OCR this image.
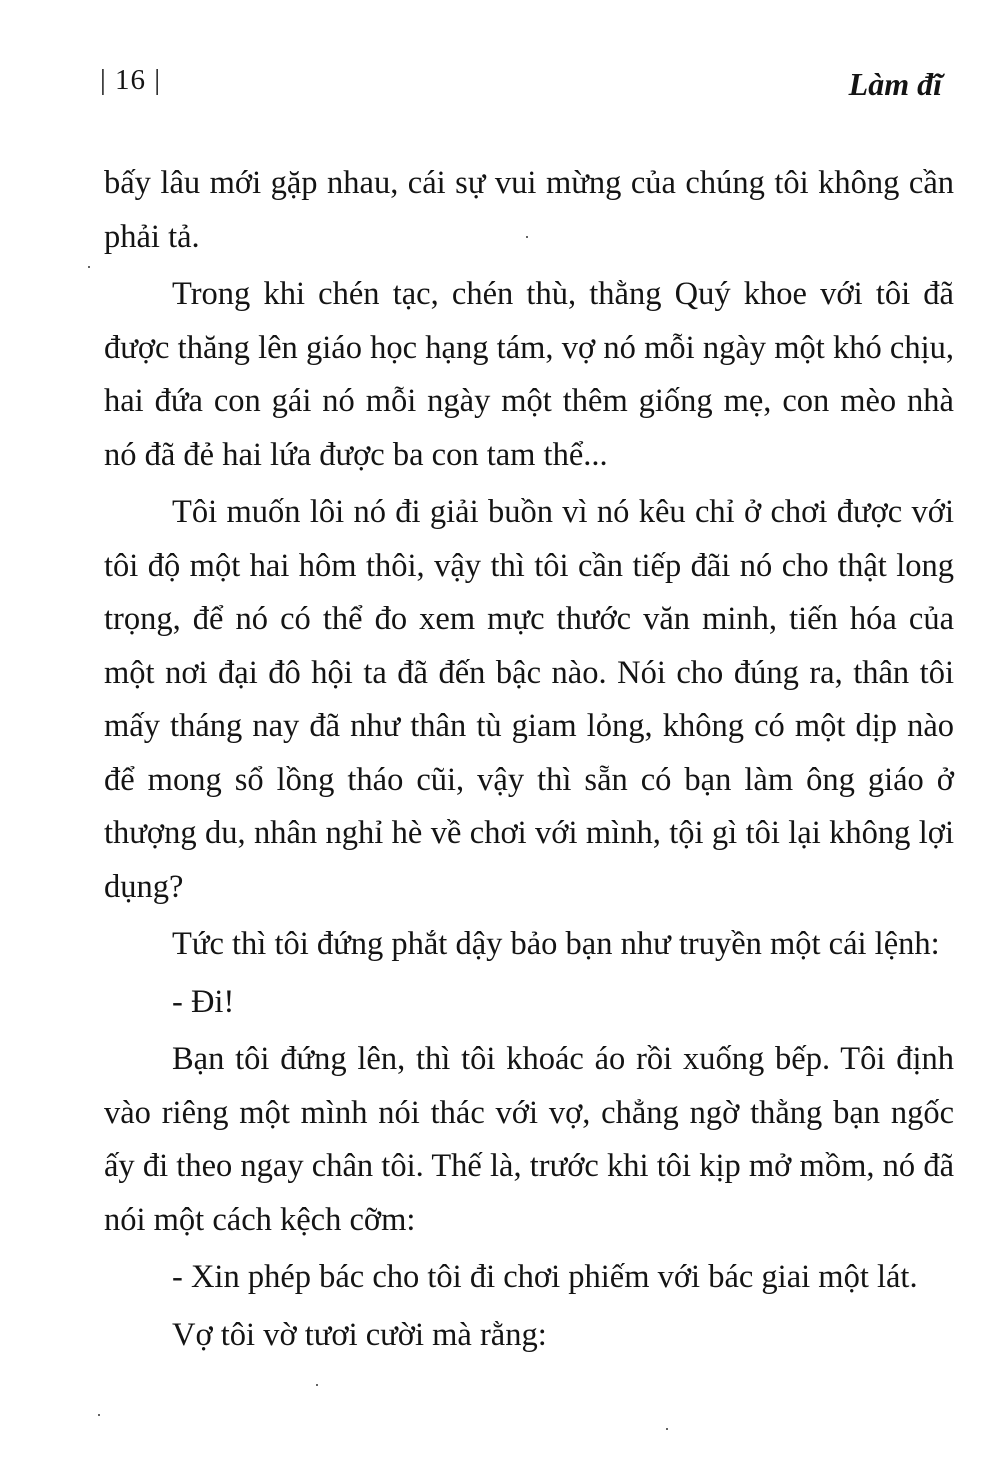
| 16 |	Làm đĩ

bấy lâu mới gặp nhau, cái sự vui mừng của chúng tôi không cần phải tả.

Trong khi chén tạc, chén thù, thằng Quý khoe với tôi đã được thăng lên giáo học hạng tám, vợ nó mỗi ngày một khó chịu, hai đứa con gái nó mỗi ngày một thêm giống mẹ, con mèo nhà nó đã đẻ hai lứa được ba con tam thể...

Tôi muốn lôi nó đi giải buồn vì nó kêu chỉ ở chơi được với tôi độ một hai hôm thôi, vậy thì tôi cần tiếp đãi nó cho thật long trọng, để nó có thể đo xem mực thước văn minh, tiến hóa của một nơi đại đô hội ta đã đến bậc nào. Nói cho đúng ra, thân tôi mấy tháng nay đã như thân tù giam lỏng, không có một dịp nào để mong sổ lồng tháo cũi, vậy thì sẵn có bạn làm ông giáo ở thượng du, nhân nghỉ hè về chơi với mình, tội gì tôi lại không lợi dụng?

Tức thì tôi đứng phắt dậy bảo bạn như truyền một cái lệnh:

- Đi!

Bạn tôi đứng lên, thì tôi khoác áo rồi xuống bếp. Tôi định vào riêng một mình nói thác với vợ, chẳng ngờ thằng bạn ngốc ấy đi theo ngay chân tôi. Thế là, trước khi tôi kịp mở mồm, nó đã nói một cách kệch cỡm:

- Xin phép bác cho tôi đi chơi phiếm với bác giai một lát.

Vợ tôi vờ tươi cười mà rằng:
